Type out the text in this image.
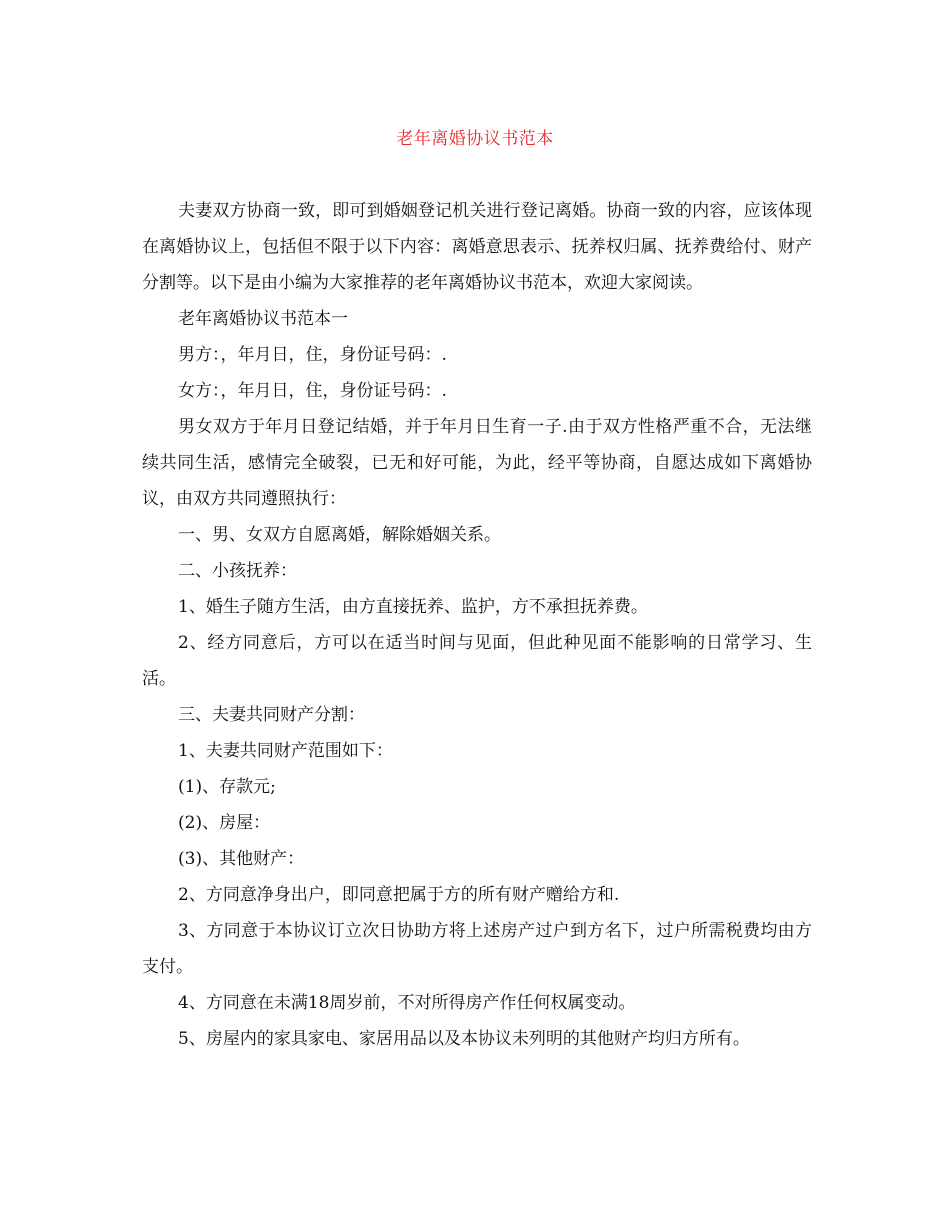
老年离婚协议书范本

夫妻双方协商一致，即可到婚姻登记机关进行登记离婚。协商一致的内容，应该体现在离婚协议上，包括但不限于以下内容：离婚意思表示、抚养权归属、抚养费给付、财产分割等。以下是由小编为大家推荐的老年离婚协议书范本，欢迎大家阅读。

老年离婚协议书范本一

男方：，年月日，住，身份证号码：.

女方：，年月日，住，身份证号码：.

男女双方于年月日登记结婚，并于年月日生育一子.由于双方性格严重不合，无法继续共同生活，感情完全破裂，已无和好可能，为此，经平等协商，自愿达成如下离婚协议，由双方共同遵照执行：

一、男、女双方自愿离婚，解除婚姻关系。

二、小孩抚养：

1、婚生子随方生活，由方直接抚养、监护，方不承担抚养费。

2、经方同意后，方可以在适当时间与见面，但此种见面不能影响的日常学习、生活。

三、夫妻共同财产分割：

1、夫妻共同财产范围如下：

(1)、存款元;

(2)、房屋：

(3)、其他财产：

2、方同意净身出户，即同意把属于方的所有财产赠给方和.

3、方同意于本协议订立次日协助方将上述房产过户到方名下，过户所需税费均由方支付。

4、方同意在未满18周岁前，不对所得房产作任何权属变动。

5、房屋内的家具家电、家居用品以及本协议未列明的其他财产均归方所有。
